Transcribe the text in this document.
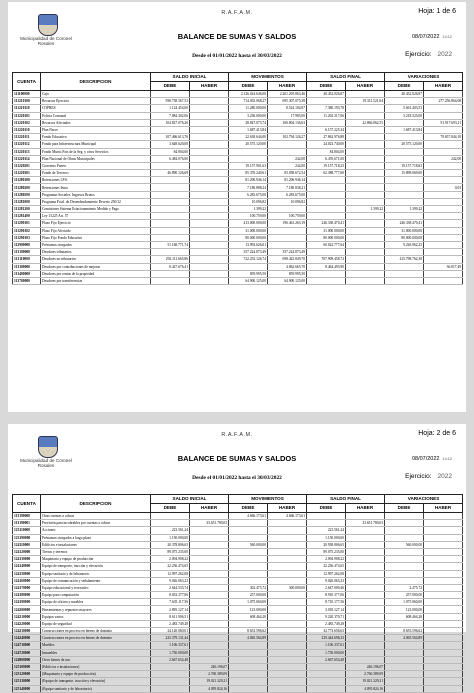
R.A.F.A.M.	Hoja: 1 de 6
Municipalidad de Coronel Rosales
BALANCE DE SUMAS Y SALDOS	08/07/2022 14:12
Desde el 01/01/2022 hasta el 30/03/2022	Ejercicio: 2022
CUENTA	DESCRIPCION	SALDO INICIAL		MOVIMIENTOS		SALDO FINAL		VARIACIONES	
		DEBE	HABER	DEBE	HABER	DEBE	HABER	DEBE	HABER
111100000	Caja			2.126.024.646,00	2.261.205.863,46	40.452.026,87		40.452.026,87	
111210100	Recursos Ejercicio	598.738.567,53		714.035.068,27	695.307.075,38		19.331.521,64		277.256.864,08
111210110	COPRES	1.124.454,00		11.280.000,00	8.524.104,87	7.380.193,78		5.661.403,53	
111220101	Policia Comunal	7.984.302,06		3.236.000,00	17.985,00	11.202.317,06		3.218.325,00	
111220102	Recursos Afectados	104.827.076,26		28.847.073,74	106.804.136,63		22.866.062,53		91.917.693,11
111220110	Plan Nacer			1.687.413,84		6.157.225,34		1.687.413,84	
111220111	Fondo Educativo	107.466.613,76		22.638.644,00	102.794.126,27	27.862.976,88			79.657.844,10
111220112	Fondo para Infraestructura Municipal	3.648.620,00		20.575.120,00		24.023.740,00		20.575.120,00	
111220113	Fondo Munic.Fort.de la Seg. y otros Servicios	84.804,00				84.804,00			
111220114	Plan Nacional de Obras Municipales	6.484.076,00			242,00	6.476.671,00			242,00
111220201	Convenio Puerto			19.157.901,63	242,00	19.157.718,23		19.157.718,63	
111220301	Fondo de Terceros	46.890.126,69		85.376.240,61	83.058.672,54	62.388.777,60		15.898.069,00	
111280100	Retenciones I.P.S.			81.206.946,14	81.206.946,14				
111280200	Retenciones Ietna			7.180.888,24	7.180.838,21				0,03
111280500	Programas Sociales. Ingresos Brutos			6.283.675,00	6.283.675,00				
111281000	Programa Fcial. de Desendeudamiento Decreto 250/12			10.096,82	10.096,82				
111281200	Comisiones Sistema Estacionamiento Medido y Pago			1.399,22			1.399,22	1.399,22	
111281400	Ley 15225 Art. 57			100.759,00	100.759,00				
111290101	Plazo Fijo Ejercicio			413.000.000,00	196.461.263,19	246.338.470,41		246.338.470,41	
111290102	Plazo Fijo Afectado			31.000.000,00		31.000.000,00		31.000.000,00	
111290103	Plazo Fijo Fondo Educativo			80.000.000,00		80.000.000,00		80.000.000,00	
112900000	Préstamos otorgados	51.168.771,74		13.992.626,01		60.022.777,64		9.226.962,25	
113100000	Deudores tributarios			357.224.873,49	357.224.873,49				
113110000	Deudores no tributarios	292.111.665,86		722.252.126,74	698.423.849,70	707.909.458,72		415.798.762,38	
113300000	Deudores por contribuciones de mejoras	8.427.676,41			4.862.665,70	8.464.493,90			36.817,49
113400000	Deudores por rentas de la propiedad			859.995,50	859.995,50				
113700000	Deudores por transferencias			64.900.125,00	64.900.125,00				
R.A.F.A.M.	Hoja: 2 de 6
Municipalidad de Coronel Rosales
BALANCE DE SUMAS Y SALDOS	08/07/2022 14:12
Desde el 01/01/2022 hasta el 30/03/2022	Ejercicio: 2022
CUENTA	DESCRIPCION	SALDO INICIAL		MOVIMIENTOS		SALDO FINAL		VARIACIONES	
		DEBE	HABER	DEBE	HABER	DEBE	HABER	DEBE	HABER
113190000	Otras cuentas a cobrar			4.666.173,61	4.666.173,61				
113190001	Previsión para incobrables por cuentas a cobrar		33.651.780,03				33.651.780,03		
123110000	Acciones	223.561,24				223.561,24			
123190000	Préstamos otorgados a largo plazo	1.150.000,00				1.150.000,00			
124110000	Edificios e instalaciones	20.378.806,65		560.000,00		20.938.806,65		560.000,00	
124120000	Tierras y terrenos	89.075.235,00				89.075.235,00			
124130000	Maquinaria y equipo de producción	2.094.908,22				2.094.908,22			
124140000	Equipo de transporte, tracción y elevación	22.236.474,65				22.236.474,65			
124150000	Equipo sanitario y de laboratorio	12.997.262,08				12.997.262,08			
124160000	Equipo de comunicación y señalamiento	9.026.063,23				9.026.063,23			
124170000	Equipo educacional y recreativo	2.644.533,74		302.475,72	300.000,00	2.647.009,46		2.475,72	
124180000	Equipo para computación	8.653.377,06		257.000,00		8.910.377,06		257.000,00	
124190000	Equipo de oficina y muebles	7.635.117,56		1.075.060,00		8.710.177,56		1.075.060,00	
124200000	Herramientas y repuestos mayores	2.895.127,14		123.000,00		3.018.127,14		123.000,00	
124210000	Equipos varios	8.611.906,51		608.464,20		9.220.370,71		608.464,20	
124220000	Equipo de seguridad	2.483.749,28				2.483.749,28			
124230000	Construcciones en proceso en bienes de dominio	24.120.060,01		8.653.596,62		32.773.656,63		8.653.596,62	
124240000	Construcciones en proceso en bienes de dominio	225.379.131,44		4.065.564,89		229.444.696,33		4.065.564,89	
124710000	Muebles	1.106.337,61				1.106.337,61			
124720000	Inmuebles	1.750.000,00				1.750.000,00			
124900000	Otros bienes de uso	2.667.654,48				2.667.654,48			
125100000	(Edificios e instalaciones)		246.196,07				246.196,07		
125120000	(Maquinaria y equipo de producción)		2.760.389,09				2.760.389,09		
125130000	(Equipo de transporte, tracción y elevación)		19.021.329,21				19.021.329,21		
125140000	(Equipo sanitario y de laboratorio)		4.095.824,16				4.095.824,16		
